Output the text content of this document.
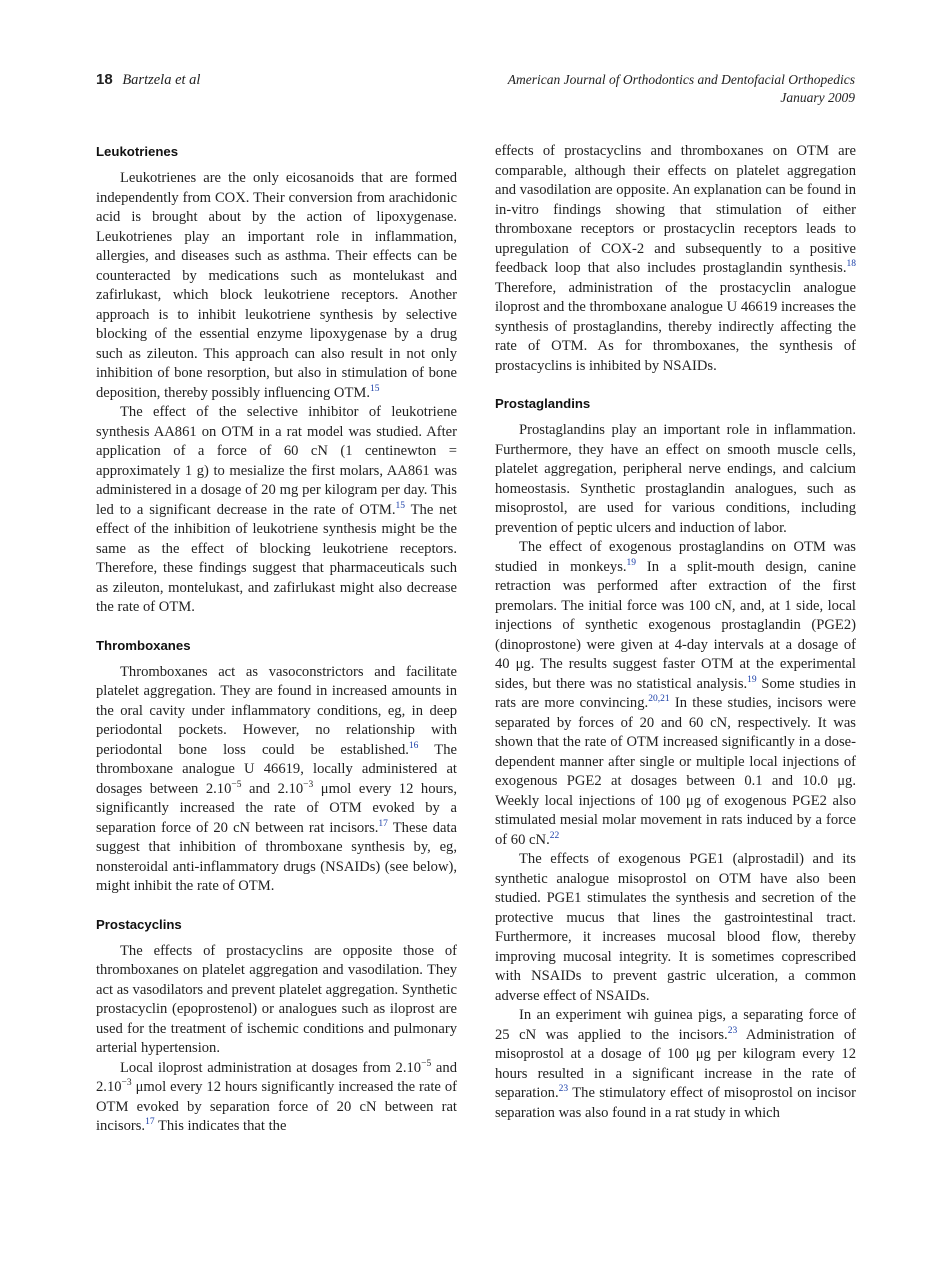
18 Bartzela et al	American Journal of Orthodontics and Dentofacial Orthopedics
January 2009
Leukotrienes

Leukotrienes are the only eicosanoids that are formed independently from COX. Their conversion from arachidonic acid is brought about by the action of lipoxygenase. Leukotrienes play an important role in inflammation, allergies, and diseases such as asthma. Their effects can be counteracted by medications such as montelukast and zafirlukast, which block leukotriene receptors. Another approach is to inhibit leukotriene synthesis by selective blocking of the essential enzyme lipoxygenase by a drug such as zileuton. This approach can also result in not only inhibition of bone resorption, but also in stimulation of bone deposition, thereby possibly influencing OTM.$^{15}$

The effect of the selective inhibitor of leukotriene synthesis AA861 on OTM in a rat model was studied. After application of a force of 60 cN (1 centinewton = approximately 1 g) to mesialize the first molars, AA861 was administered in a dosage of 20 mg per kilogram per day. This led to a significant decrease in the rate of OTM.$^{15}$ The net effect of the inhibition of leukotriene synthesis might be the same as the effect of blocking leukotriene receptors. Therefore, these findings suggest that pharmaceuticals such as zileuton, montelukast, and zafirlukast might also decrease the rate of OTM.

Thromboxanes

Thromboxanes act as vasoconstrictors and facilitate platelet aggregation. They are found in increased amounts in the oral cavity under inflammatory conditions, eg, in deep periodontal pockets. However, no relationship with periodontal bone loss could be established.$^{16}$ The thromboxane analogue U 46619, locally administered at dosages between $2.10^{-5}$ and $2.10^{-3}$ μmol every 12 hours, significantly increased the rate of OTM evoked by a separation force of 20 cN between rat incisors.$^{17}$ These data suggest that inhibition of thromboxane synthesis by, eg, nonsteroidal anti-inflammatory drugs (NSAIDs) (see below), might inhibit the rate of OTM.

Prostacyclins

The effects of prostacyclins are opposite those of thromboxanes on platelet aggregation and vasodilation. They act as vasodilators and prevent platelet aggregation. Synthetic prostacyclin (epoprostenol) or analogues such as iloprost are used for the treatment of ischemic conditions and pulmonary arterial hypertension.

Local iloprost administration at dosages from $2.10^{-5}$ and $2.10^{-3}$ μmol every 12 hours significantly increased the rate of OTM evoked by separation force of 20 cN between rat incisors.$^{17}$ This indicates that the

effects of prostacyclins and thromboxanes on OTM are comparable, although their effects on platelet aggregation and vasodilation are opposite. An explanation can be found in in-vitro findings showing that stimulation of either thromboxane receptors or prostacyclin receptors leads to upregulation of COX-2 and subsequently to a positive feedback loop that also includes prostaglandin synthesis.$^{18}$ Therefore, administration of the prostacyclin analogue iloprost and the thromboxane analogue U 46619 increases the synthesis of prostaglandins, thereby indirectly affecting the rate of OTM. As for thromboxanes, the synthesis of prostacyclins is inhibited by NSAIDs.

Prostaglandins

Prostaglandins play an important role in inflammation. Furthermore, they have an effect on smooth muscle cells, platelet aggregation, peripheral nerve endings, and calcium homeostasis. Synthetic prostaglandin analogues, such as misoprostol, are used for various conditions, including prevention of peptic ulcers and induction of labor.

The effect of exogenous prostaglandins on OTM was studied in monkeys.$^{19}$ In a split-mouth design, canine retraction was performed after extraction of the first premolars. The initial force was 100 cN, and, at 1 side, local injections of synthetic exogenous prostaglandin (PGE2) (dinoprostone) were given at 4-day intervals at a dosage of 40 μg. The results suggest faster OTM at the experimental sides, but there was no statistical analysis.$^{19}$ Some studies in rats are more convincing.$^{20,21}$ In these studies, incisors were separated by forces of 20 and 60 cN, respectively. It was shown that the rate of OTM increased significantly in a dose-dependent manner after single or multiple local injections of exogenous PGE2 at dosages between 0.1 and 10.0 μg. Weekly local injections of 100 μg of exogenous PGE2 also stimulated mesial molar movement in rats induced by a force of 60 cN.$^{22}$

The effects of exogenous PGE1 (alprostadil) and its synthetic analogue misoprostol on OTM have also been studied. PGE1 stimulates the synthesis and secretion of the protective mucus that lines the gastrointestinal tract. Furthermore, it increases mucosal blood flow, thereby improving mucosal integrity. It is sometimes coprescribed with NSAIDs to prevent gastric ulceration, a common adverse effect of NSAIDs.

In an experiment wih guinea pigs, a separating force of 25 cN was applied to the incisors.$^{23}$ Administration of misoprostol at a dosage of 100 μg per kilogram every 12 hours resulted in a significant increase in the rate of separation.$^{23}$ The stimulatory effect of misoprostol on incisor separation was also found in a rat study in which
